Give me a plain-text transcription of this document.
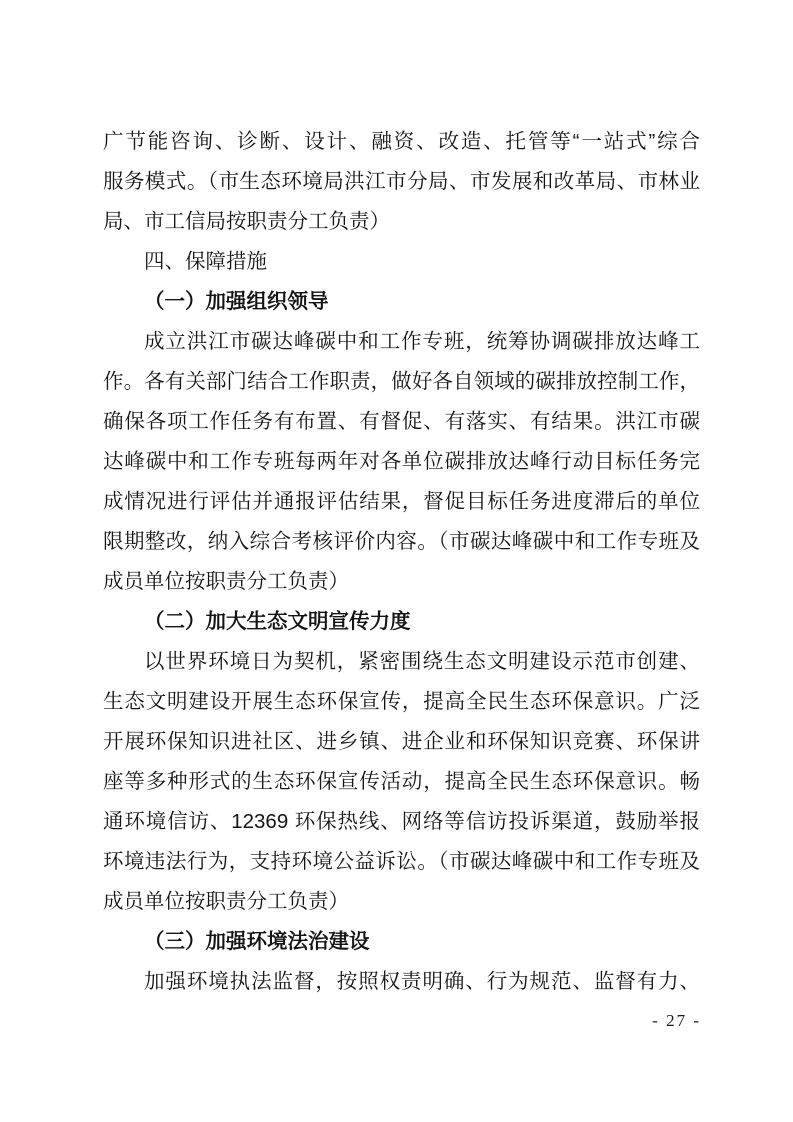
广节能咨询、诊断、设计、融资、改造、托管等“一站式”综合
服务模式。（市生态环境局洪江市分局、市发展和改革局、市林业
局、市工信局按职责分工负责）
四、保障措施
（一）加强组织领导
成立洪江市碳达峰碳中和工作专班，统筹协调碳排放达峰工
作。各有关部门结合工作职责，做好各自领域的碳排放控制工作，
确保各项工作任务有布置、有督促、有落实、有结果。洪江市碳
达峰碳中和工作专班每两年对各单位碳排放达峰行动目标任务完
成情况进行评估并通报评估结果，督促目标任务进度滞后的单位
限期整改，纳入综合考核评价内容。（市碳达峰碳中和工作专班及
成员单位按职责分工负责）
（二）加大生态文明宣传力度
以世界环境日为契机，紧密围绕生态文明建设示范市创建、
生态文明建设开展生态环保宣传，提高全民生态环保意识。广泛
开展环保知识进社区、进乡镇、进企业和环保知识竞赛、环保讲
座等多种形式的生态环保宣传活动，提高全民生态环保意识。畅
通环境信访、12369 环保热线、网络等信访投诉渠道，鼓励举报
环境违法行为，支持环境公益诉讼。（市碳达峰碳中和工作专班及
成员单位按职责分工负责）
（三）加强环境法治建设
加强环境执法监督，按照权责明确、行为规范、监督有力、
- 27 -
